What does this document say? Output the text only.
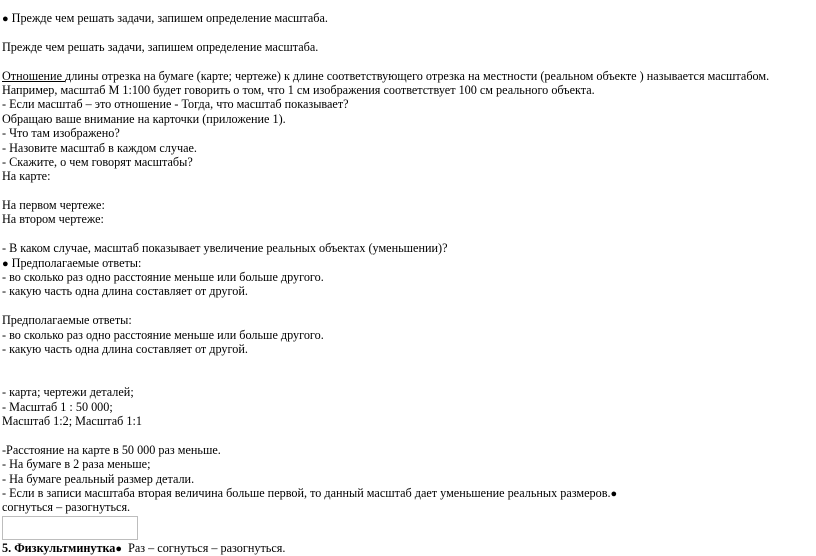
● Прежде чем решать задачи, запишем определение масштаба.
Прежде чем решать задачи, запишем определение масштаба.
Отношение длины отрезка на бумаге (карте; чертеже) к длине соответствующего отрезка на местности (реальном объекте ) называется масштабом.
Например, масштаб М 1:100 будет говорить о том, что 1 см изображения соответствует 100 см реального объекта.
- Если масштаб – это отношение - Тогда, что масштаб показывает?
Обращаю ваше внимание на карточки (приложение 1).
- Что там изображено?
- Назовите масштаб в каждом случае.
- Скажите, о чем говорят масштабы?
На карте:
На первом чертеже:
На втором чертеже:
- В каком случае, масштаб показывает увеличение реальных объектах (уменьшении)?
● Предполагаемые ответы:
- во сколько раз одно расстояние меньше или больше другого.
- какую часть одна длина составляет от другой.
Предполагаемые ответы:
- во сколько раз одно расстояние меньше или больше другого.
- какую часть одна длина составляет от другой.
- карта; чертежи деталей;
- Масштаб 1 : 50 000;
Масштаб 1:2; Масштаб 1:1
-Расстояние на карте в 50 000 раз меньше.
- На бумаге в 2 раза меньше;
- На бумаге реальный размер детали.
- Если в записи масштаба вторая величина больше первой, то данный масштаб дает уменьшение реальных размеров.●
согнуться – разогнуться.
5. Физкультминутка● Раз – согнуться – разогнуться.
